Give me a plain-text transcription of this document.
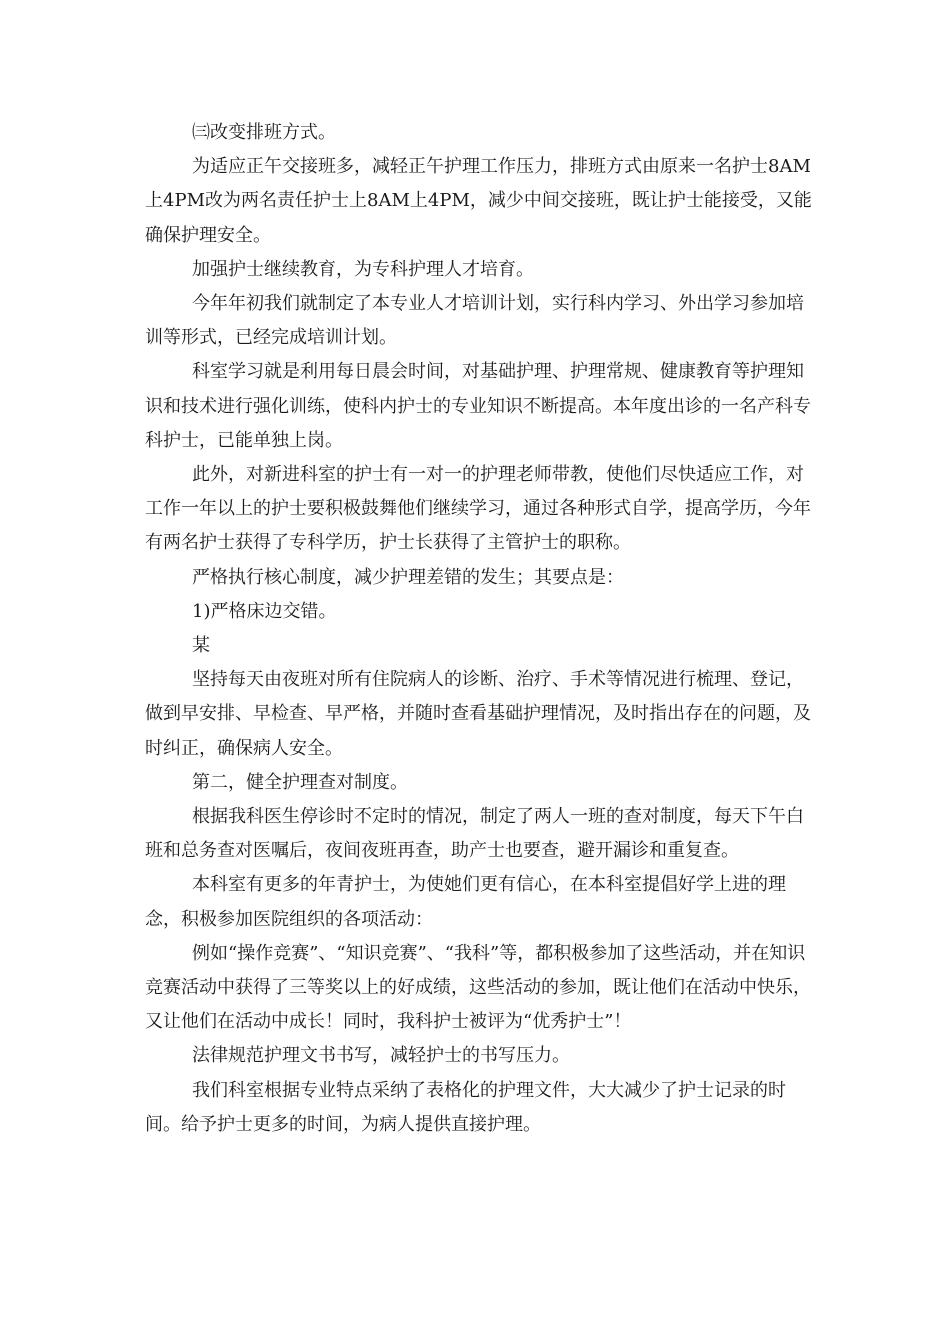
㈢改变排班方式。

为适应正午交接班多，减轻正午护理工作压力，排班方式由原来一名护士8AM上4PM改为两名责任护士上8AM上4PM，减少中间交接班，既让护士能接受，又能确保护理安全。

加强护士继续教育，为专科护理人才培育。

今年年初我们就制定了本专业人才培训计划，实行科内学习、外出学习参加培训等形式，已经完成培训计划。

科室学习就是利用每日晨会时间，对基础护理、护理常规、健康教育等护理知识和技术进行强化训练，使科内护士的专业知识不断提高。本年度出诊的一名产科专科护士，已能单独上岗。

此外，对新进科室的护士有一对一的护理老师带教，使他们尽快适应工作，对工作一年以上的护士要积极鼓舞他们继续学习，通过各种形式自学，提高学历，今年有两名护士获得了专科学历，护士长获得了主管护士的职称。

严格执行核心制度，减少护理差错的发生；其要点是：

1)严格床边交错。

某

坚持每天由夜班对所有住院病人的诊断、治疗、手术等情况进行梳理、登记，做到早安排、早检查、早严格，并随时查看基础护理情况，及时指出存在的问题，及时纠正，确保病人安全。

第二，健全护理查对制度。

根据我科医生停诊时不定时的情况，制定了两人一班的查对制度，每天下午白班和总务查对医嘱后，夜间夜班再查，助产士也要查，避开漏诊和重复查。

本科室有更多的年青护士，为使她们更有信心，在本科室提倡好学上进的理念，积极参加医院组织的各项活动：

例如“操作竞赛”、“知识竞赛”、“我科”等，都积极参加了这些活动，并在知识竞赛活动中获得了三等奖以上的好成绩，这些活动的参加，既让他们在活动中快乐，又让他们在活动中成长！同时，我科护士被评为“优秀护士”！

法律规范护理文书书写，减轻护士的书写压力。

我们科室根据专业特点采纳了表格化的护理文件，大大减少了护士记录的时间。给予护士更多的时间，为病人提供直接护理。
